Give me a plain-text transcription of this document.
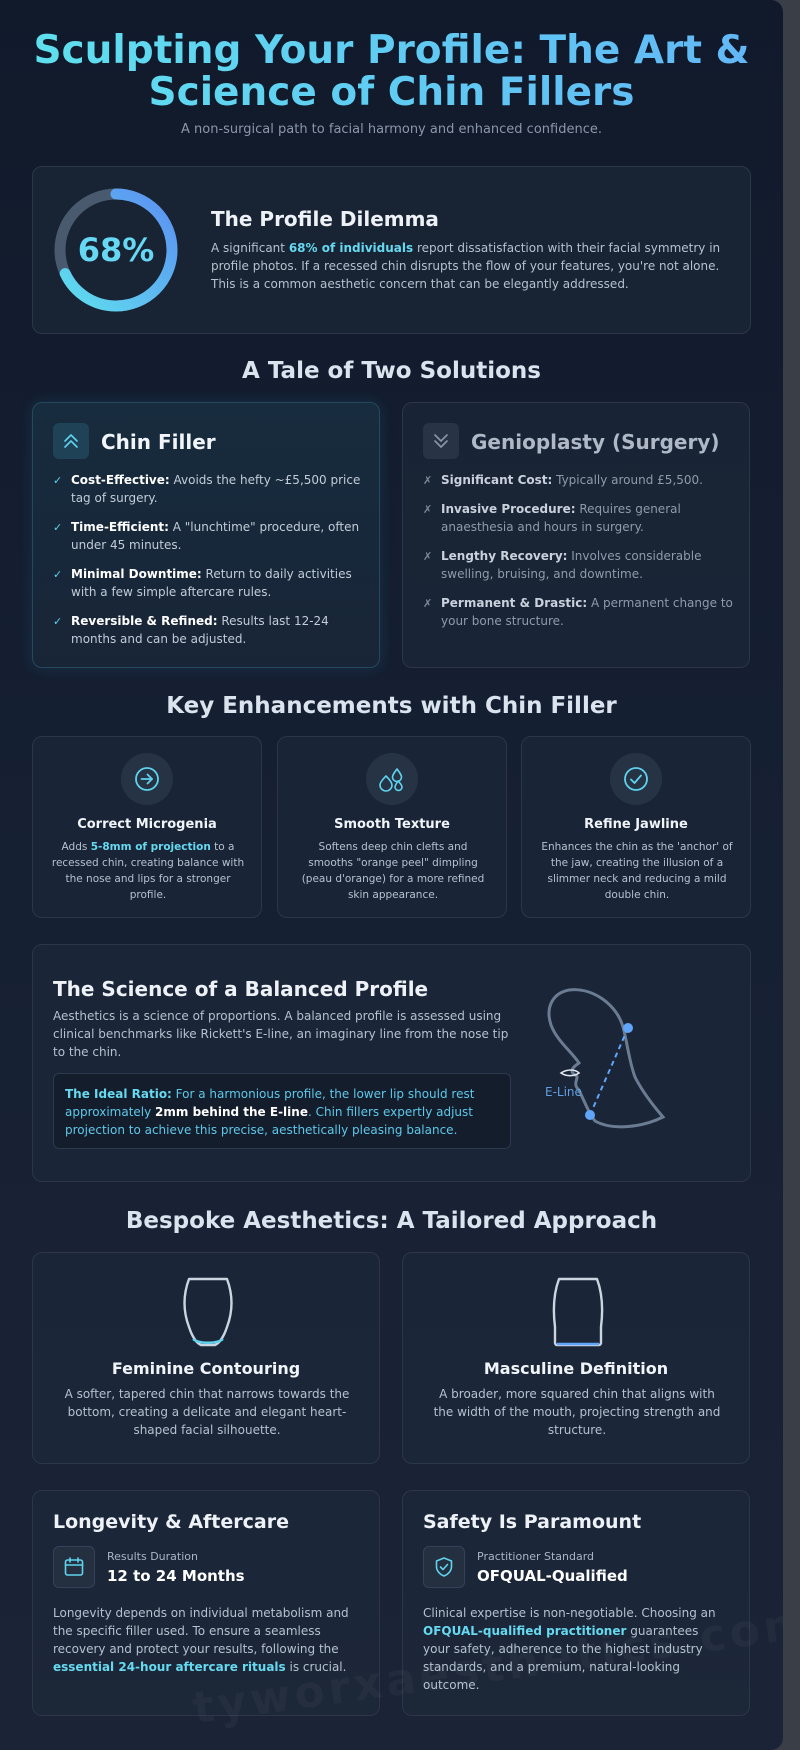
Sculpting Your Profile: The Art & Science of Chin Fillers

A non-surgical path to facial harmony and enhanced confidence.

68%
The Profile Dilemma

A significant 68% of individuals report dissatisfaction with their facial symmetry in profile photos. If a recessed chin disrupts the flow of your features, you're not alone. This is a common aesthetic concern that can be elegantly addressed.

A Tale of Two Solutions
Chin Filler
✓ Cost-Effective: Avoids the hefty ~£5,500 price tag of surgery.
✓ Time-Efficient: A "lunchtime" procedure, often under 45 minutes.
✓ Minimal Downtime: Return to daily activities with a few simple aftercare rules.
✓ Reversible & Refined: Results last 12-24 months and can be adjusted.
Genioplasty (Surgery)
✗ Significant Cost: Typically around £5,500.
✗ Invasive Procedure: Requires general anaesthesia and hours in surgery.
✗ Lengthy Recovery: Involves considerable swelling, bruising, and downtime.
✗ Permanent & Drastic: A permanent change to your bone structure.
Key Enhancements with Chin Filler
Correct Microgenia

Adds 5-8mm of projection to a recessed chin, creating balance with the nose and lips for a stronger profile.

Smooth Texture

Softens deep chin clefts and smooths "orange peel" dimpling (peau d'orange) for a more refined skin appearance.

Refine Jawline

Enhances the chin as the 'anchor' of the jaw, creating the illusion of a slimmer neck and reducing a mild double chin.

The Science of a Balanced Profile

Aesthetics is a science of proportions. A balanced profile is assessed using clinical benchmarks like Rickett's E-line, an imaginary line from the nose tip to the chin.

The Ideal Ratio: For a harmonious profile, the lower lip should rest approximately 2mm behind the E-line. Chin fillers expertly adjust projection to achieve this precise, aesthetically pleasing balance.
E-Line
Bespoke Aesthetics: A Tailored Approach
Feminine Contouring

A softer, tapered chin that narrows towards the bottom, creating a delicate and elegant heart-shaped facial silhouette.

Masculine Definition

A broader, more squared chin that aligns with the width of the mouth, projecting strength and structure.

Longevity & Aftercare
Results Duration
12 to 24 Months

Longevity depends on individual metabolism and the specific filler used. To ensure a seamless recovery and protect your results, following the essential 24-hour aftercare rituals is crucial.

Safety Is Paramount
Practitioner Standard
OFQUAL-Qualified

Clinical expertise is non-negotiable. Choosing an OFQUAL-qualified practitioner guarantees your safety, adherence to the highest industry standards, and a premium, natural-looking outcome.
